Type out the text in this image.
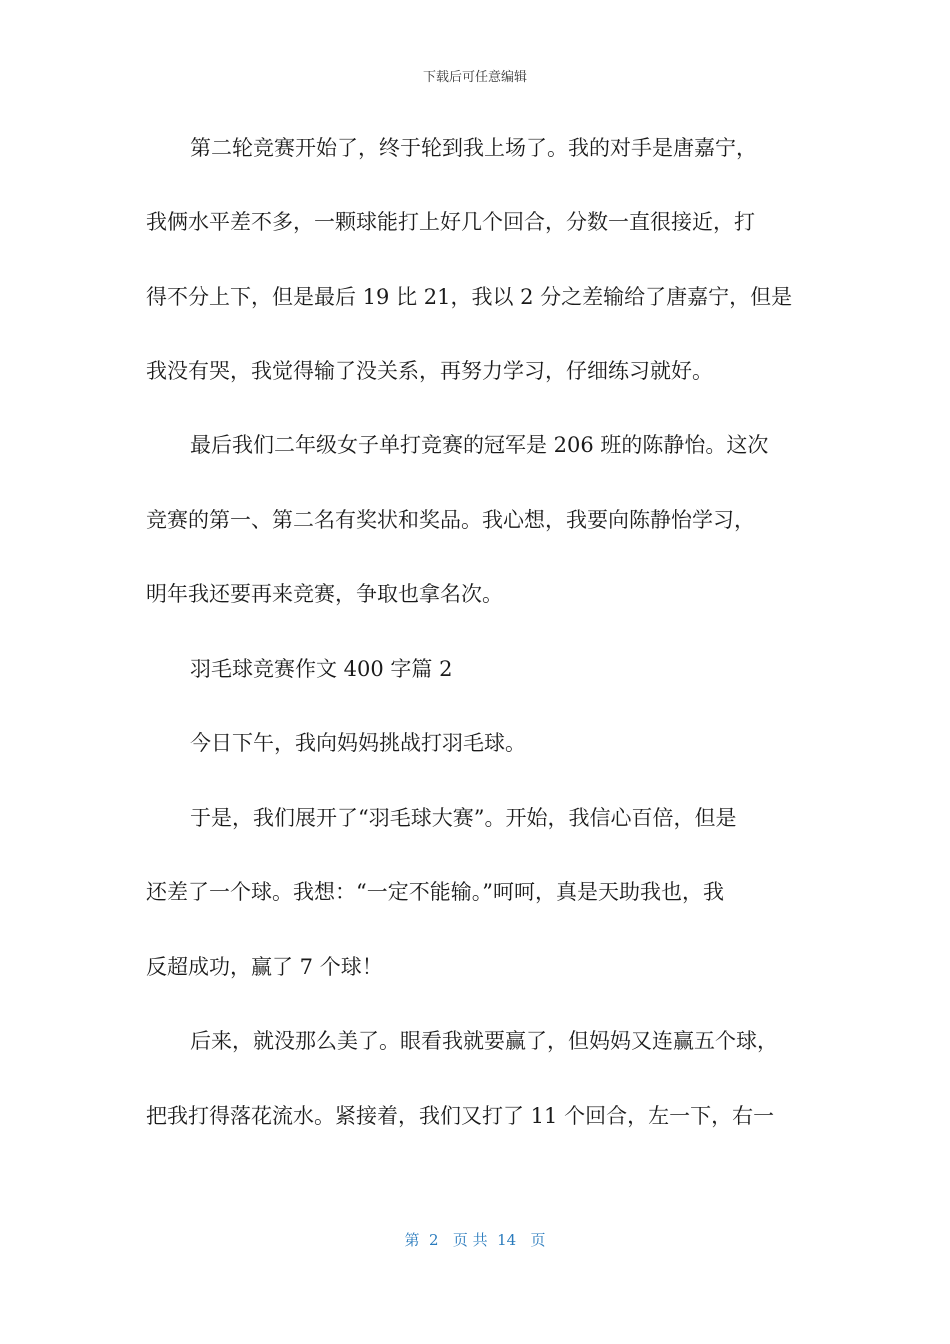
下载后可任意编辑
第二轮竞赛开始了，终于轮到我上场了。我的对手是唐嘉宁，
我俩水平差不多，一颗球能打上好几个回合，分数一直很接近，打
得不分上下，但是最后 19 比 21，我以 2 分之差输给了唐嘉宁，但是
我没有哭，我觉得输了没关系，再努力学习，仔细练习就好。
最后我们二年级女子单打竞赛的冠军是 206 班的陈静怡。这次
竞赛的第一、第二名有奖状和奖品。我心想，我要向陈静怡学习，
明年我还要再来竞赛，争取也拿名次。
羽毛球竞赛作文 400 字篇 2
今日下午，我向妈妈挑战打羽毛球。
于是，我们展开了“羽毛球大赛”。开始，我信心百倍，但是
还差了一个球。我想：“一定不能输。”呵呵，真是天助我也，我
反超成功，赢了 7 个球！
后来，就没那么美了。眼看我就要赢了，但妈妈又连赢五个球，
把我打得落花流水。紧接着，我们又打了 11 个回合，左一下，右一
第  2   页 共  14   页
